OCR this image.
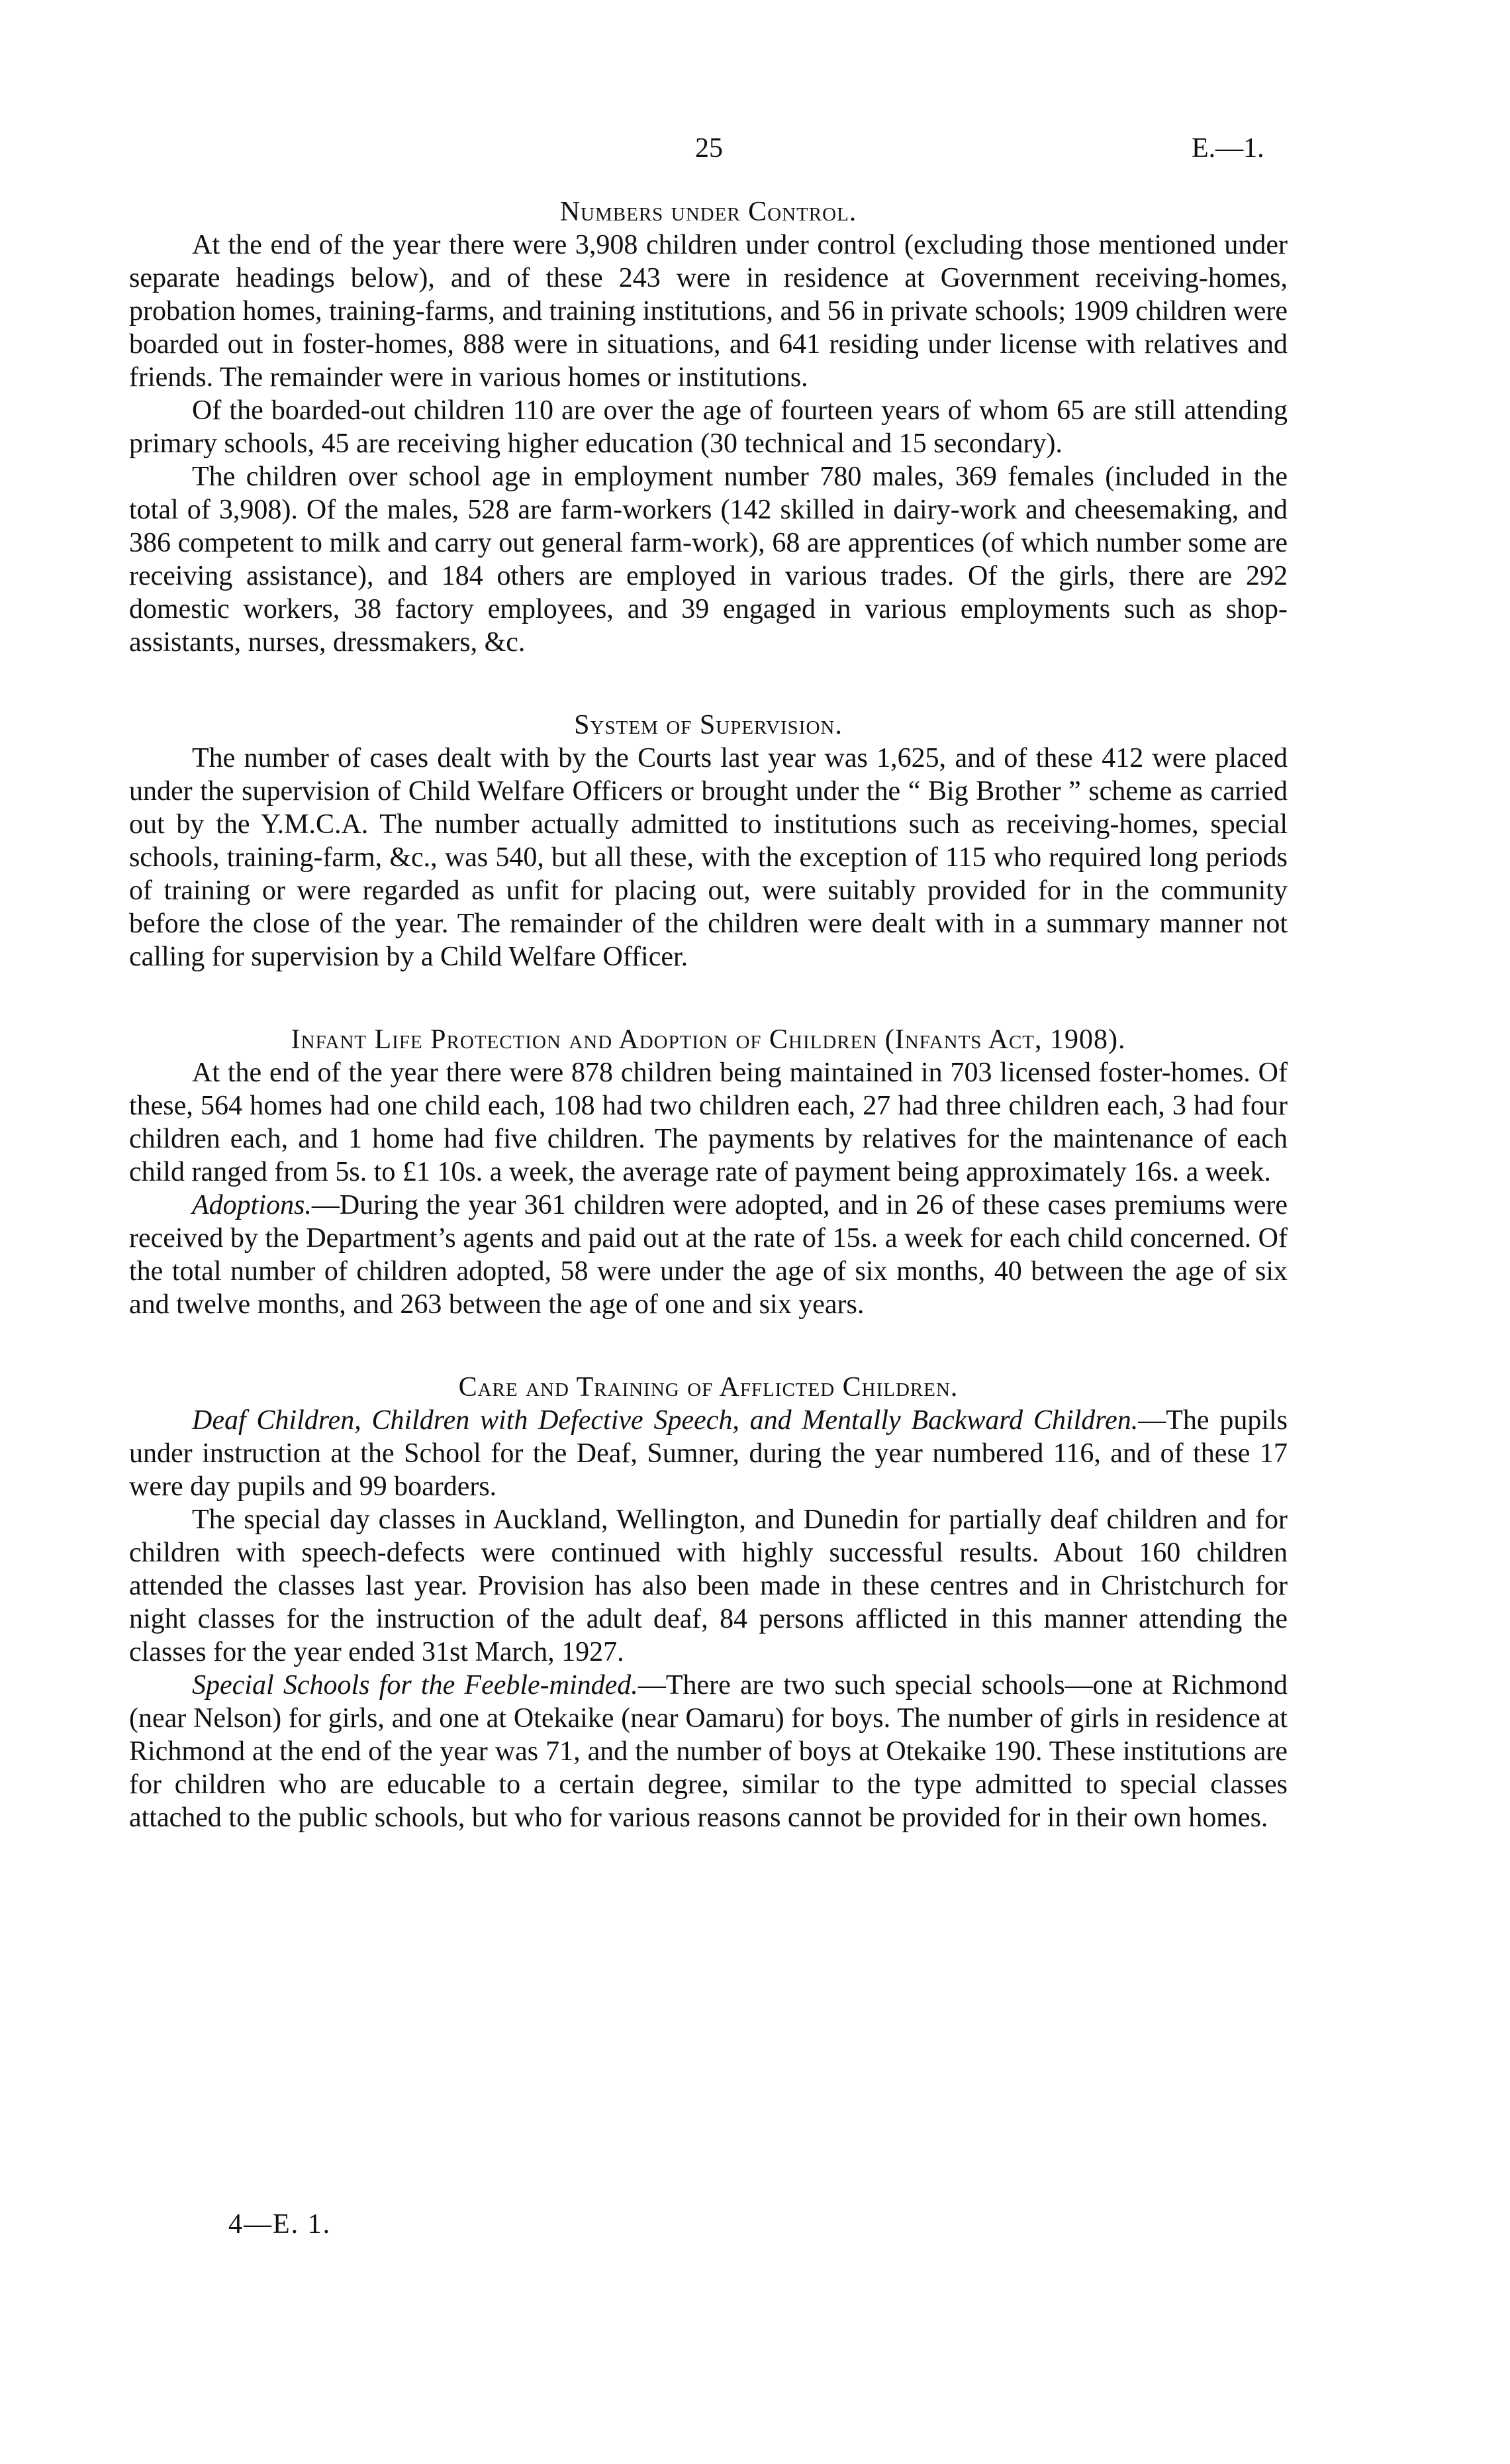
25	E.—1.
Numbers under Control.

At the end of the year there were 3,908 children under control (excluding those mentioned under separate headings below), and of these 243 were in residence at Government receiving-homes, probation homes, training-farms, and training institutions, and 56 in private schools; 1909 children were boarded out in foster-homes, 888 were in situations, and 641 residing under license with relatives and friends. The remainder were in various homes or institutions.

Of the boarded-out children 110 are over the age of fourteen years of whom 65 are still attending primary schools, 45 are receiving higher education (30 technical and 15 secondary).

The children over school age in employment number 780 males, 369 females (included in the total of 3,908). Of the males, 528 are farm-workers (142 skilled in dairy-work and cheesemaking, and 386 competent to milk and carry out general farm-work), 68 are apprentices (of which number some are receiving assistance), and 184 others are employed in various trades. Of the girls, there are 292 domestic workers, 38 factory employees, and 39 engaged in various employments such as shop-assistants, nurses, dressmakers, &c.

System of Supervision.

The number of cases dealt with by the Courts last year was 1,625, and of these 412 were placed under the supervision of Child Welfare Officers or brought under the “ Big Brother ” scheme as carried out by the Y.M.C.A. The number actually admitted to institutions such as receiving-homes, special schools, training-farm, &c., was 540, but all these, with the exception of 115 who required long periods of training or were regarded as unfit for placing out, were suitably provided for in the community before the close of the year. The remainder of the children were dealt with in a summary manner not calling for supervision by a Child Welfare Officer.

Infant Life Protection and Adoption of Children (Infants Act, 1908).

At the end of the year there were 878 children being maintained in 703 licensed foster-homes. Of these, 564 homes had one child each, 108 had two children each, 27 had three children each, 3 had four children each, and 1 home had five children. The payments by relatives for the maintenance of each child ranged from 5s. to £1 10s. a week, the average rate of payment being approximately 16s. a week.

Adoptions.—During the year 361 children were adopted, and in 26 of these cases premiums were received by the Department’s agents and paid out at the rate of 15s. a week for each child concerned. Of the total number of children adopted, 58 were under the age of six months, 40 between the age of six and twelve months, and 263 between the age of one and six years.

Care and Training of Afflicted Children.

Deaf Children, Children with Defective Speech, and Mentally Backward Children.—The pupils under instruction at the School for the Deaf, Sumner, during the year numbered 116, and of these 17 were day pupils and 99 boarders.

The special day classes in Auckland, Wellington, and Dunedin for partially deaf children and for children with speech-defects were continued with highly successful results. About 160 children attended the classes last year. Provision has also been made in these centres and in Christchurch for night classes for the instruction of the adult deaf, 84 persons afflicted in this manner attending the classes for the year ended 31st March, 1927.

Special Schools for the Feeble-minded.—There are two such special schools—one at Richmond (near Nelson) for girls, and one at Otekaike (near Oamaru) for boys. The number of girls in residence at Richmond at the end of the year was 71, and the number of boys at Otekaike 190. These institutions are for children who are educable to a certain degree, similar to the type admitted to special classes attached to the public schools, but who for various reasons cannot be provided for in their own homes.

4—E. 1.
